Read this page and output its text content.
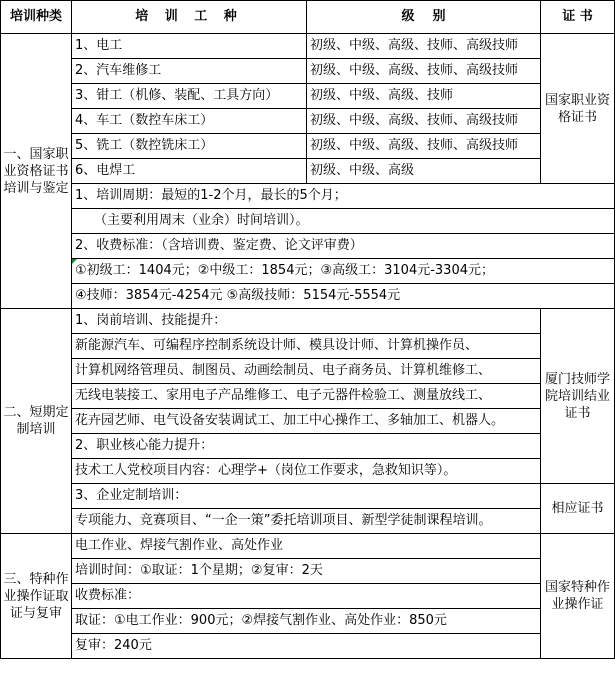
培训种类	培 训 工 种	级    别	证 书
一、国家职业资格证书培训与鉴定	1、电工	初级、中级、高级、技师、高级技师	国家职业资格证书
	2、汽车维修工	初级、中级、高级、技师、高级技师	
	3、钳工（机修、装配、工具方向）	初级、中级、高级、技师	
	4、车工（数控车床工）	初级、中级、高级、技师、高级技师	
	5、铣工（数控铣床工）	初级、中级、高级、技师、高级技师	
	6、电焊工	初级、中级、高级	
	1、培训周期：最短的1-2个月，最长的5个月；		
	（主要利用周末（业余）时间培训）。		
	2、收费标准：（含培训费、鉴定费、论文评审费）		
	①初级工：1404元；②中级工：1854元；③高级工：3104元-3304元；		
	④技师：3854元-4254元 ⑤高级技师：5154元-5554元		
二、短期定制培训	1、岗前培训、技能提升：		厦门技师学院培训结业证书
	新能源汽车、可编程序控制系统设计师、模具设计师、计算机操作员、		
	计算机网络管理员、制图员、动画绘制员、电子商务员、计算机维修工、		
	无线电装接工、家用电子产品维修工、电子元器件检验工、测量放线工、		
	花卉园艺师、电气设备安装调试工、加工中心操作工、多轴加工、机器人。		
	2、职业核心能力提升：		
	技术工人党校项目内容：心理学+（岗位工作要求，急救知识等）。		
	3、企业定制培训：		相应证书
	专项能力、竞赛项目、“一企一策”委托培训项目、新型学徒制课程培训。		
三、特种作业操作证取证与复审	电工作业、焊接气割作业、高处作业		国家特种作业操作证
	培训时间：①取证：1个星期；②复审：2天		
	收费标准：		
	取证：①电工作业：900元；②焊接气割作业、高处作业：850元		
	复审：240元		
